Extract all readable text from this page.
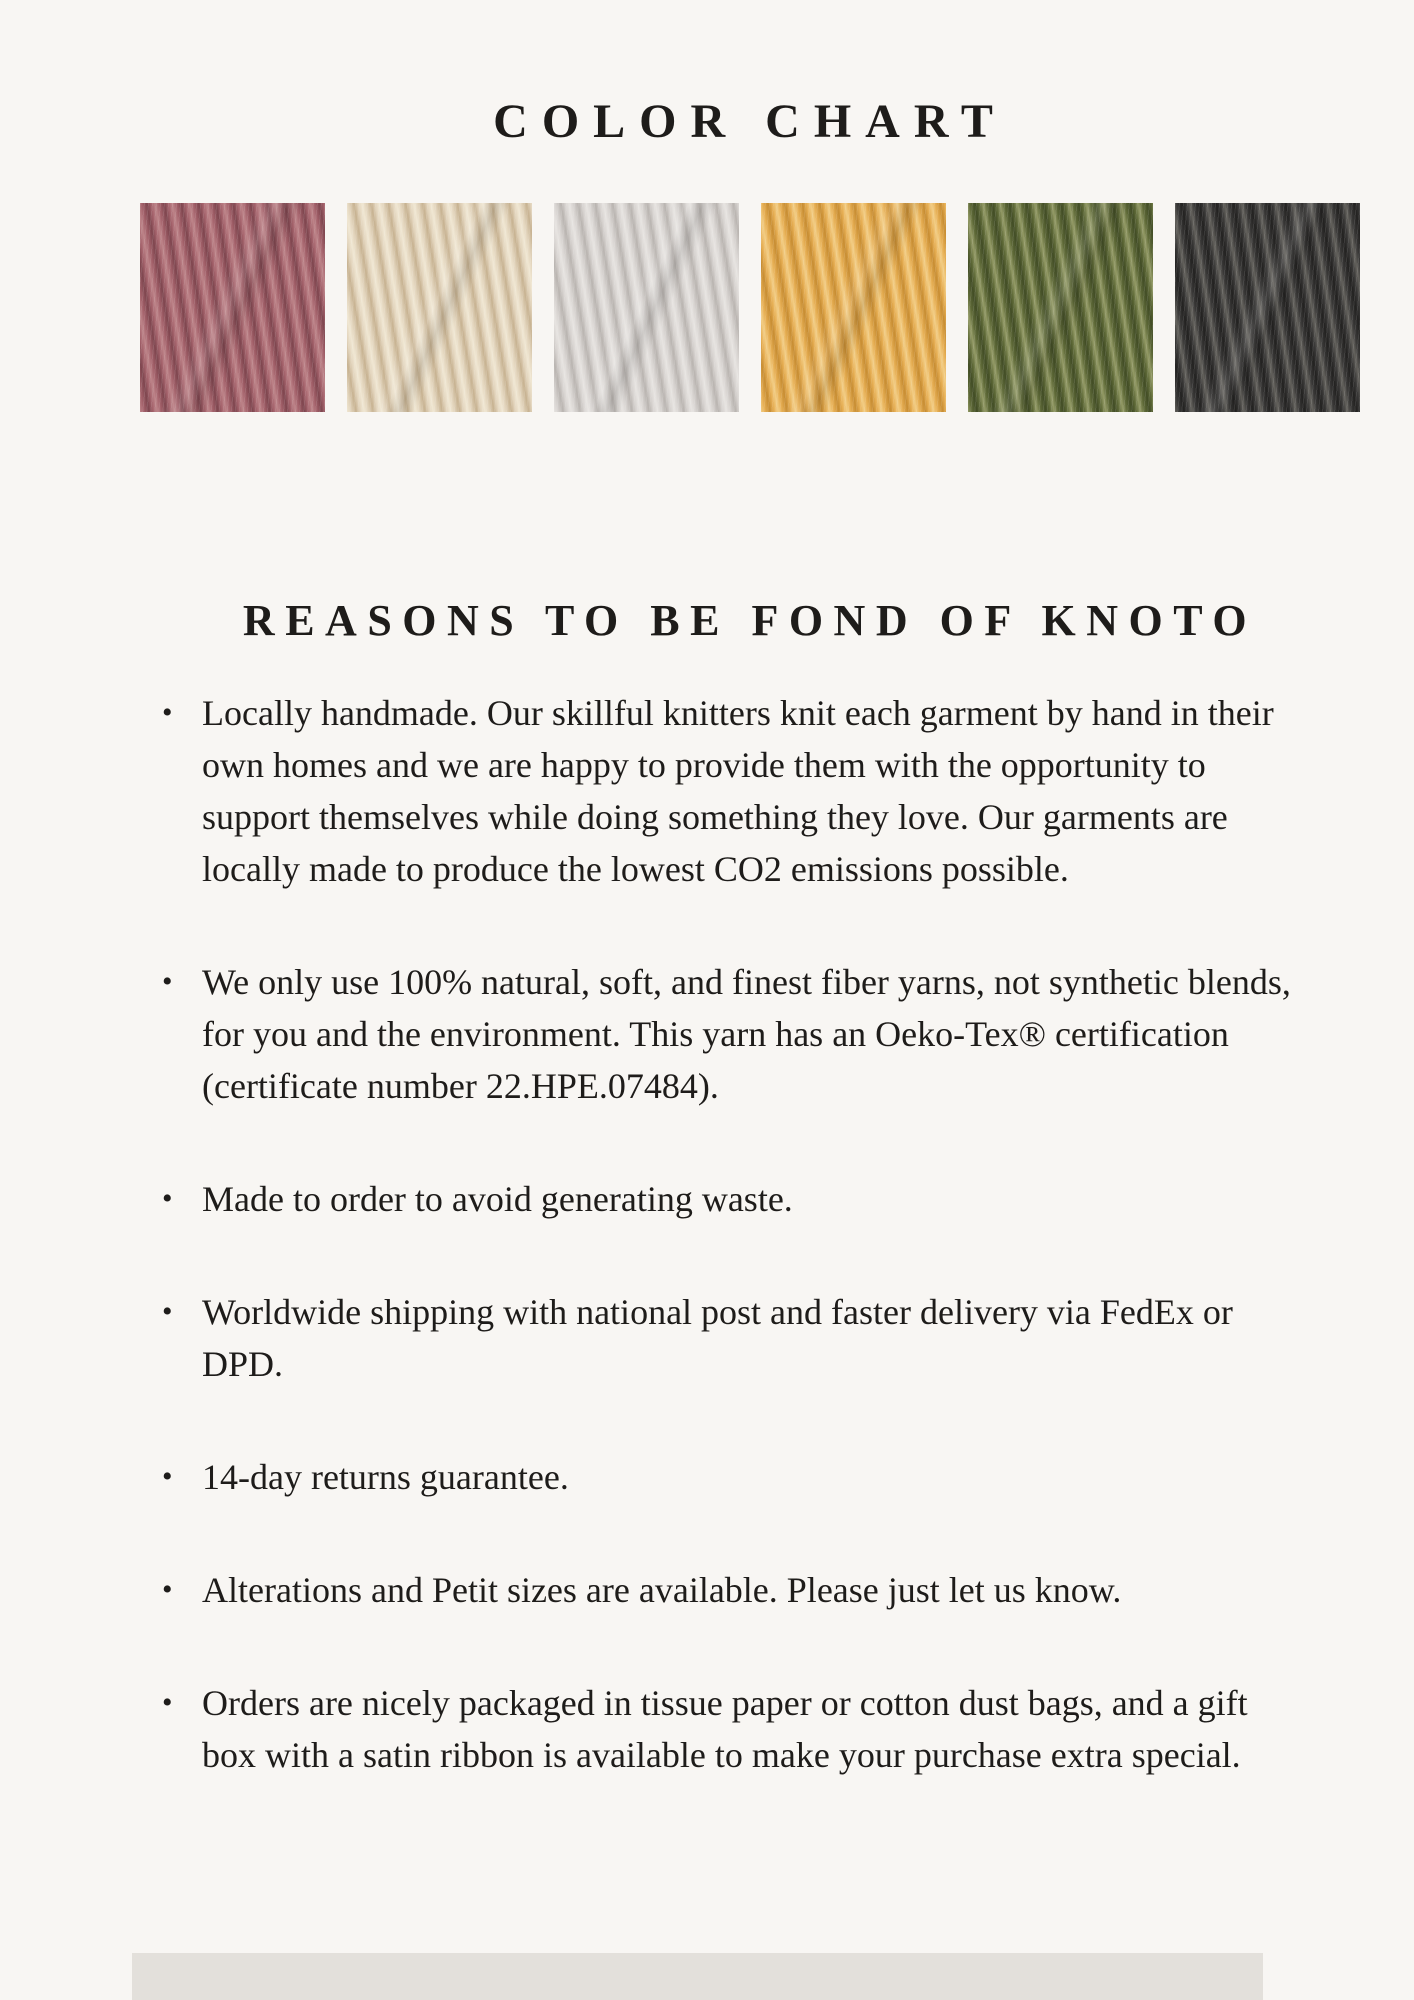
COLOR CHART
REASONS TO BE FOND OF KNOTO
• Locally handmade. Our skillful knitters knit each garment by hand in their own homes and we are happy to provide them with the opportunity to support themselves while doing something they love. Our garments are locally made to produce the lowest CO2 emissions possible.
• We only use 100% natural, soft, and finest fiber yarns, not synthetic blends, for you and the environment. This yarn has an Oeko-Tex® certification (certificate number 22.HPE.07484).
• Made to order to avoid generating waste.
• Worldwide shipping with national post and faster delivery via FedEx or DPD.
• 14-day returns guarantee.
• Alterations and Petit sizes are available. Please just let us know.
• Orders are nicely packaged in tissue paper or cotton dust bags, and a gift box with a satin ribbon is available to make your purchase extra special.
